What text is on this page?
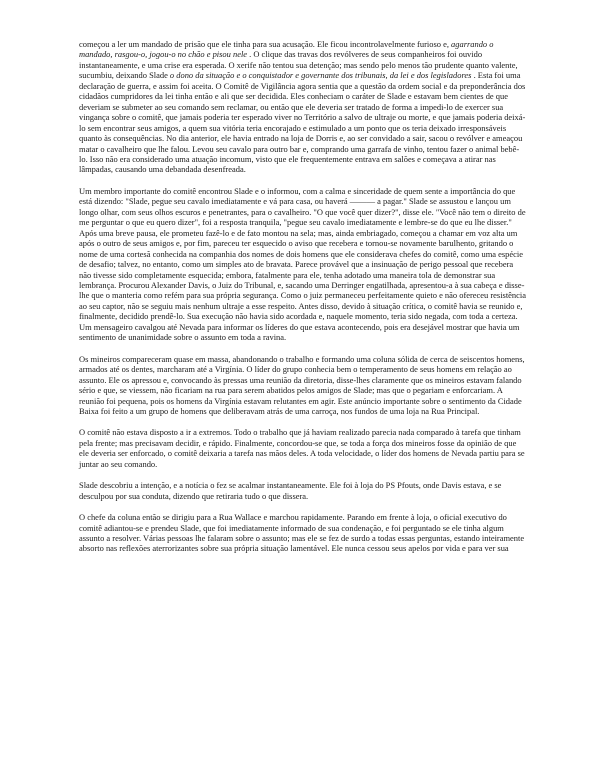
começou a ler um mandado de prisão que ele tinha para sua acusação. Ele ficou incontrolavelmente furioso e, agarrando o mandado, rasgou-o, jogou-o no chão e pisou nele . O clique das travas dos revólveres de seus companheiros foi ouvido instantaneamente, e uma crise era esperada. O xerife não tentou sua detenção; mas sendo pelo menos tão prudente quanto valente, sucumbiu, deixando Slade o dono da situação e o conquistador e governante dos tribunais, da lei e dos legisladores . Esta foi uma declaração de guerra, e assim foi aceita. O Comitê de Vigilância agora sentia que a questão da ordem social e da preponderância dos cidadãos cumpridores da lei tinha então e ali que ser decidida. Eles conheciam o caráter de Slade e estavam bem cientes de que deveriam se submeter ao seu comando sem reclamar, ou então que ele deveria ser tratado de forma a impedi-lo de exercer sua vingança sobre o comitê, que jamais poderia ter esperado viver no Território a salvo de ultraje ou morte, e que jamais poderia deixá-lo sem encontrar seus amigos, a quem sua vitória teria encorajado e estimulado a um ponto que os teria deixado irresponsáveis quanto às consequências. No dia anterior, ele havia entrado na loja de Dorris e, ao ser convidado a sair, sacou o revólver e ameaçou matar o cavalheiro que lhe falou. Levou seu cavalo para outro bar e, comprando uma garrafa de vinho, tentou fazer o animal bebê-lo. Isso não era considerado uma atuação incomum, visto que ele frequentemente entrava em salões e começava a atirar nas lâmpadas, causando uma debandada desenfreada.

Um membro importante do comitê encontrou Slade e o informou, com a calma e sinceridade de quem sente a importância do que está dizendo: "Slade, pegue seu cavalo imediatamente e vá para casa, ou haverá ——— a pagar." Slade se assustou e lançou um longo olhar, com seus olhos escuros e penetrantes, para o cavalheiro. "O que você quer dizer?", disse ele. "Você não tem o direito de me perguntar o que eu quero dizer", foi a resposta tranquila, "pegue seu cavalo imediatamente e lembre-se do que eu lhe disser." Após uma breve pausa, ele prometeu fazê-lo e de fato montou na sela; mas, ainda embriagado, começou a chamar em voz alta um após o outro de seus amigos e, por fim, pareceu ter esquecido o aviso que recebera e tornou-se novamente barulhento, gritando o nome de uma cortesã conhecida na companhia dos nomes de dois homens que ele considerava chefes do comitê, como uma espécie de desafio; talvez, no entanto, como um simples ato de bravata. Parece provável que a insinuação de perigo pessoal que recebera não tivesse sido completamente esquecida; embora, fatalmente para ele, tenha adotado uma maneira tola de demonstrar sua lembrança. Procurou Alexander Davis, o Juiz do Tribunal, e, sacando uma Derringer engatilhada, apresentou-a à sua cabeça e disse-lhe que o manteria como refém para sua própria segurança. Como o juiz permaneceu perfeitamente quieto e não ofereceu resistência ao seu captor, não se seguiu mais nenhum ultraje a esse respeito. Antes disso, devido à situação crítica, o comitê havia se reunido e, finalmente, decidido prendê-lo. Sua execução não havia sido acordada e, naquele momento, teria sido negada, com toda a certeza. Um mensageiro cavalgou até Nevada para informar os líderes do que estava acontecendo, pois era desejável mostrar que havia um sentimento de unanimidade sobre o assunto em toda a ravina.

Os mineiros compareceram quase em massa, abandonando o trabalho e formando uma coluna sólida de cerca de seiscentos homens, armados até os dentes, marcharam até a Virgínia. O líder do grupo conhecia bem o temperamento de seus homens em relação ao assunto. Ele os apressou e, convocando às pressas uma reunião da diretoria, disse-lhes claramente que os mineiros estavam falando sério e que, se viessem, não ficariam na rua para serem abatidos pelos amigos de Slade; mas que o pegariam e enforcariam. A reunião foi pequena, pois os homens da Virgínia estavam relutantes em agir. Este anúncio importante sobre o sentimento da Cidade Baixa foi feito a um grupo de homens que deliberavam atrás de uma carroça, nos fundos de uma loja na Rua Principal.

O comitê não estava disposto a ir a extremos. Todo o trabalho que já haviam realizado parecia nada comparado à tarefa que tinham pela frente; mas precisavam decidir, e rápido. Finalmente, concordou-se que, se toda a força dos mineiros fosse da opinião de que ele deveria ser enforcado, o comitê deixaria a tarefa nas mãos deles. A toda velocidade, o líder dos homens de Nevada partiu para se juntar ao seu comando.

Slade descobriu a intenção, e a notícia o fez se acalmar instantaneamente. Ele foi à loja do PS Pfouts, onde Davis estava, e se desculpou por sua conduta, dizendo que retiraria tudo o que dissera.

O chefe da coluna então se dirigiu para a Rua Wallace e marchou rapidamente. Parando em frente à loja, o oficial executivo do comitê adiantou-se e prendeu Slade, que foi imediatamente informado de sua condenação, e foi perguntado se ele tinha algum assunto a resolver. Várias pessoas lhe falaram sobre o assunto; mas ele se fez de surdo a todas essas perguntas, estando inteiramente absorto nas reflexões aterrorizantes sobre sua própria situação lamentável. Ele nunca cessou seus apelos por vida e para ver sua
